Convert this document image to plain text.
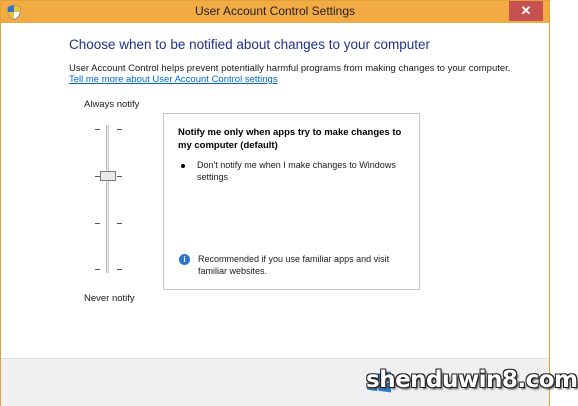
User Account Control Settings	✕
Choose when to be notified about changes to your computer
User Account Control helps prevent potentially harmful programs from making changes to your computer.
Tell me more about User Account Control settings
Always notify
Never notify
Notify me only when apps try to make changes to my computer (default)
Don't notify me when I make changes to Windows settings
i	Recommended if you use familiar apps and visit familiar websites.
shenduwin8.com
